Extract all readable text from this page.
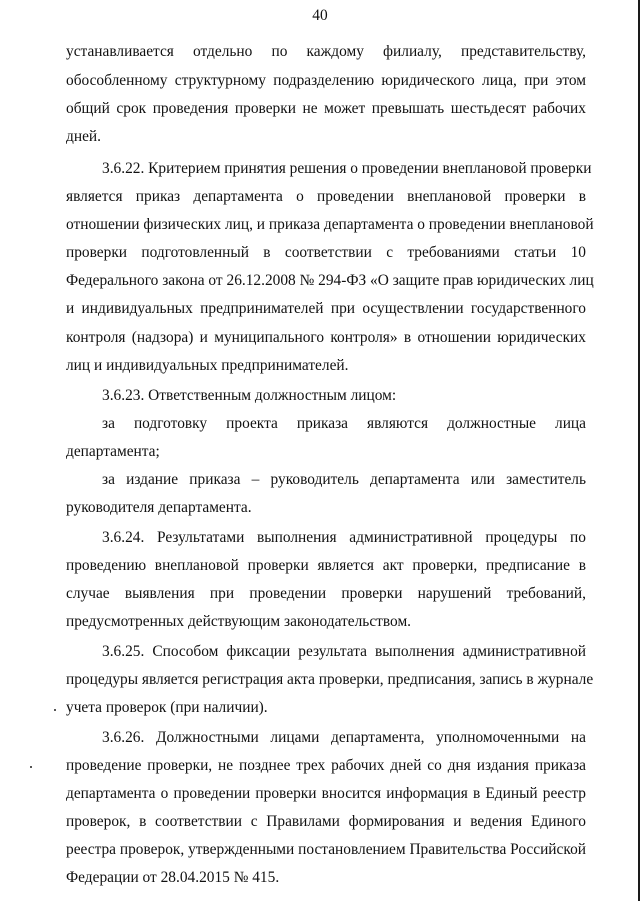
40
устанавливается отдельно по каждому филиалу, представительству,
обособленному структурному подразделению юридического лица, при этом
общий срок проведения проверки не может превышать шестьдесят рабочих
дней.
3.6.22. Критерием принятия решения о проведении внеплановой проверки
является приказ департамента о проведении внеплановой проверки в
отношении физических лиц, и приказа департамента о проведении внеплановой
проверки подготовленный в соответствии с требованиями статьи 10
Федерального закона от 26.12.2008 № 294-ФЗ «О защите прав юридических лиц
и индивидуальных предпринимателей при осуществлении государственного
контроля (надзора) и муниципального контроля» в отношении юридических
лиц и индивидуальных предпринимателей.
3.6.23. Ответственным должностным лицом:
за подготовку проекта приказа являются должностные лица
департамента;
за издание приказа – руководитель департамента или заместитель
руководителя департамента.
3.6.24. Результатами выполнения административной процедуры по
проведению внеплановой проверки является акт проверки, предписание в
случае выявления при проведении проверки нарушений требований,
предусмотренных действующим законодательством.
3.6.25. Способом фиксации результата выполнения административной
процедуры является регистрация акта проверки, предписания, запись в журнале
учета проверок (при наличии).
3.6.26. Должностными лицами департамента, уполномоченными на
проведение проверки, не позднее трех рабочих дней со дня издания приказа
департамента о проведении проверки вносится информация в Единый реестр
проверок, в соответствии с Правилами формирования и ведения Единого
реестра проверок, утвержденными постановлением Правительства Российской
Федерации от 28.04.2015 № 415.
